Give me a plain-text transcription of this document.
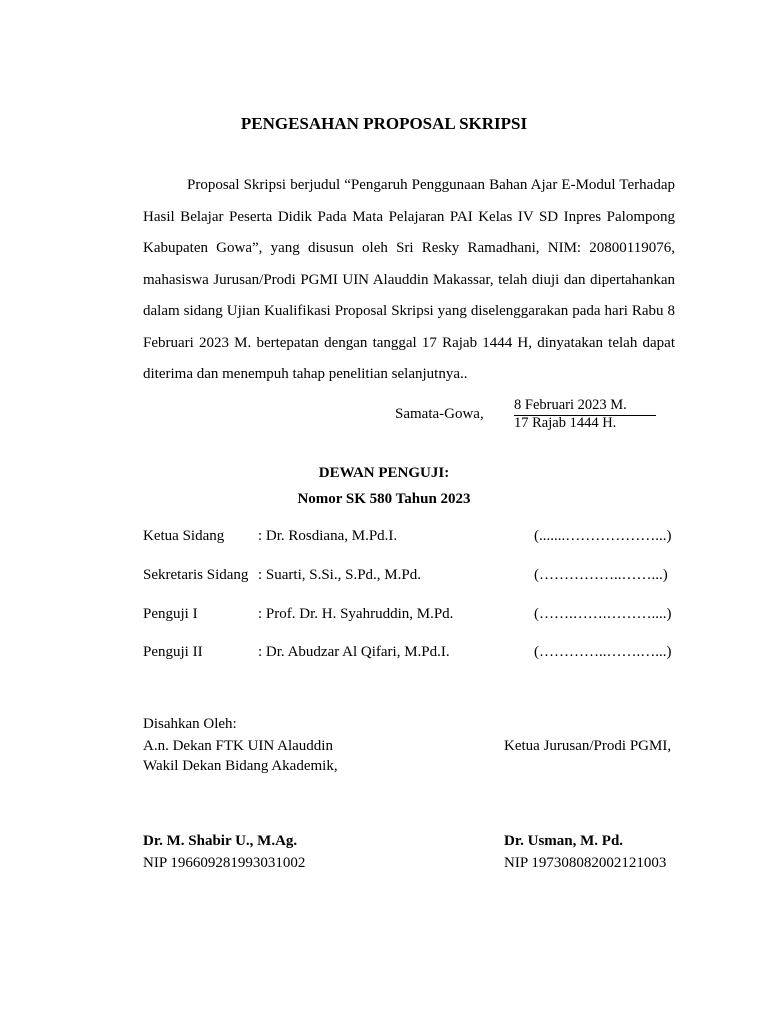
PENGESAHAN PROPOSAL SKRIPSI
Proposal Skripsi berjudul “Pengaruh Penggunaan Bahan Ajar E-Modul Terhadap Hasil Belajar Peserta Didik Pada Mata Pelajaran PAI Kelas IV SD Inpres Palompong Kabupaten Gowa”, yang disusun oleh Sri Resky Ramadhani, NIM: 20800119076, mahasiswa Jurusan/Prodi PGMI UIN Alauddin Makassar, telah diuji dan dipertahankan dalam sidang Ujian Kualifikasi Proposal Skripsi yang diselenggarakan pada hari Rabu 8 Februari 2023 M. bertepatan dengan tanggal 17 Rajab 1444 H, dinyatakan telah dapat diterima dan menempuh tahap penelitian selanjutnya..
Samata-Gowa,
8 Februari 2023 M.
17 Rajab 1444 H.
DEWAN PENGUJI:
Nomor SK 580 Tahun 2023
Ketua Sidang : Dr. Rosdiana, M.Pd.I.	(.......………………...)
Sekretaris Sidang : Suarti, S.Si., S.Pd., M.Pd.	(……………..……...)
Penguji I	: Prof. Dr. H. Syahruddin, M.Pd.	(…….…….………....)
Penguji II	: Dr. Abudzar Al Qifari, M.Pd.I.	(…………..…….…...)
Disahkan Oleh:
A.n. Dekan FTK UIN Alauddin
Wakil Dekan Bidang Akademik,
Ketua Jurusan/Prodi PGMI,
Dr. M. Shabir U., M.Ag.
NIP 196609281993031002
Dr. Usman, M. Pd.
NIP 197308082002121003
